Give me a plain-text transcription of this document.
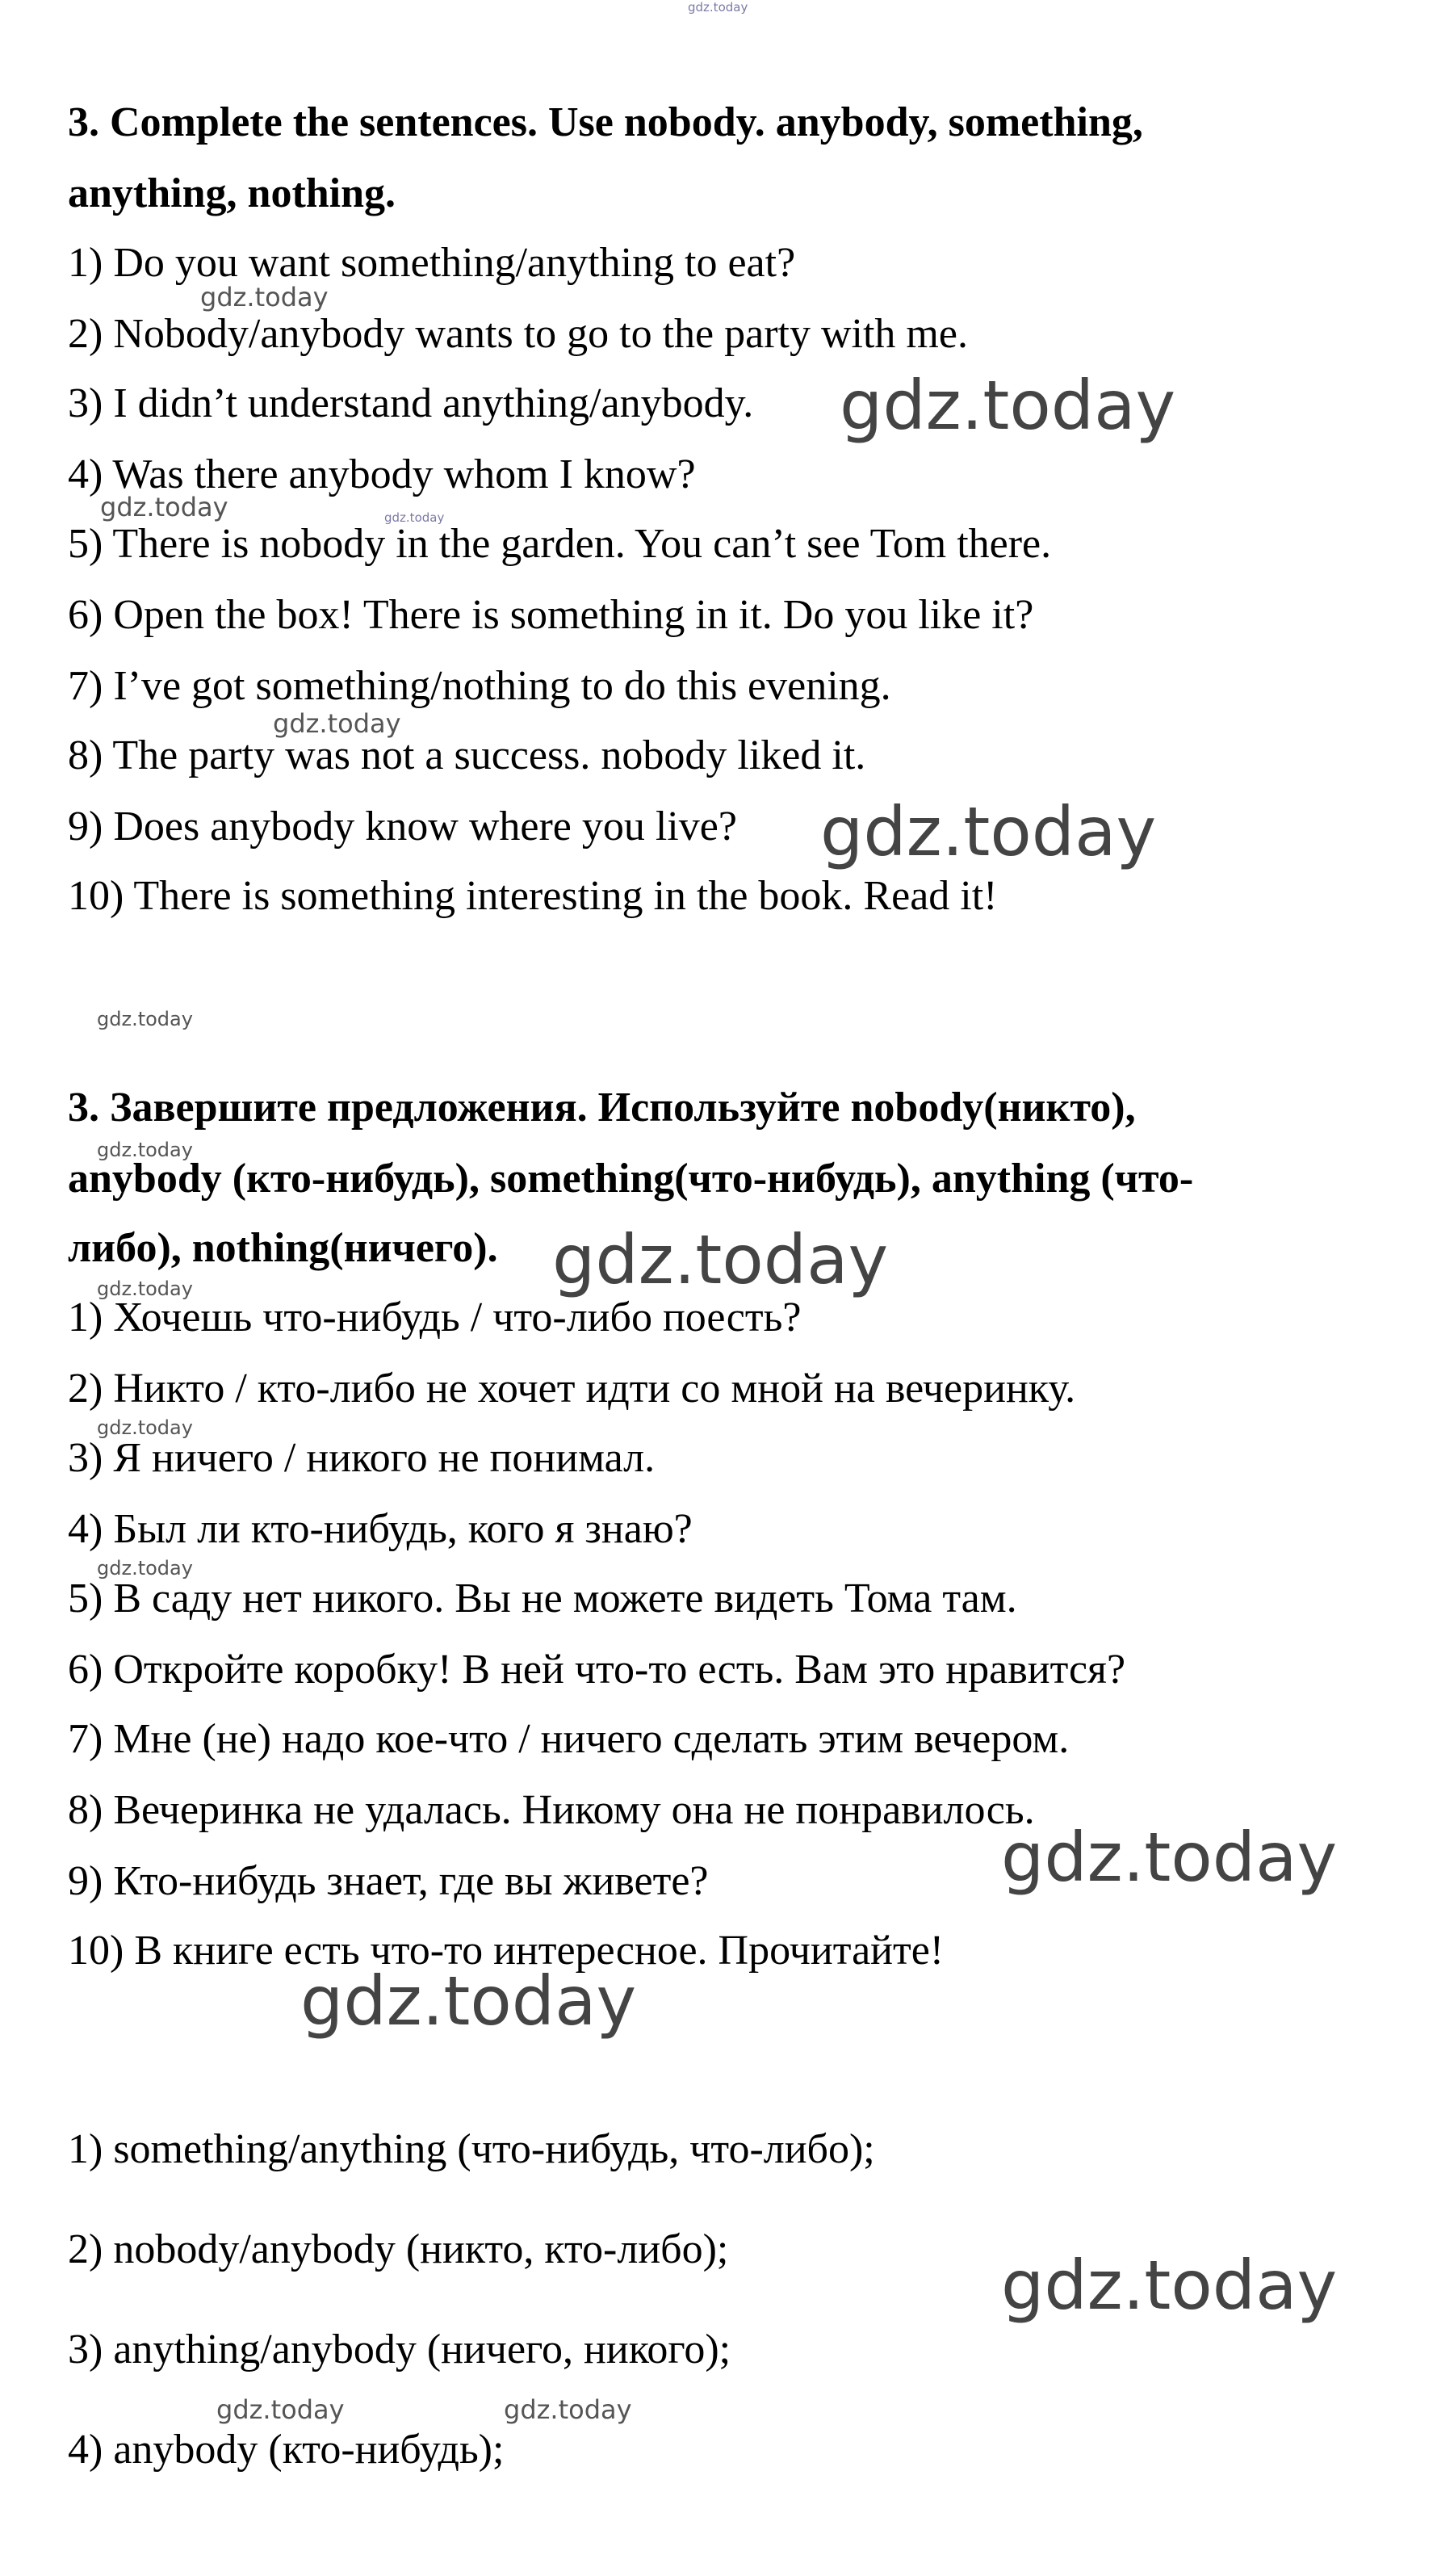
gdz.today
3. Complete the sentences. Use nobody. anybody, something,
anything, nothing.
1) Do you want something/anything to eat?
2) Nobody/anybody wants to go to the party with me.
3) I didn’t understand anything/anybody.
4) Was there anybody whom I know?
5) There is nobody in the garden. You can’t see Tom there.
6) Open the box! There is something in it. Do you like it?
7) I’ve got something/nothing to do this evening.
8) The party was not a success. nobody liked it.
9) Does anybody know where you live?
10) There is something interesting in the book. Read it!
gdz.today
gdz.today
gdz.today	gdz.today
gdz.today
gdz.today
gdz.today
3. Завершите предложения. Используйте nobody(никто),
anybody (кто-нибудь), something(что-нибудь), anything (что-
либо), nothing(ничего).
1) Хочешь что-нибудь / что-либо поесть?
2) Никто / кто-либо не хочет идти со мной на вечеринку.
3) Я ничего / никого не понимал.
4) Был ли кто-нибудь, кого я знаю?
5) В саду нет никого. Вы не можете видеть Тома там.
6) Откройте коробку! В ней что-то есть. Вам это нравится?
7) Мне (не) надо кое-что / ничего сделать этим вечером.
8) Вечеринка не удалась. Никому она не понравилось.
9) Кто-нибудь знает, где вы живете?
10) В книге есть что-то интересное. Прочитайте!
gdz.today
gdz.today
gdz.today
gdz.today
gdz.today
gdz.today
gdz.today
1) something/anything (что-нибудь, что-либо);
2) nobody/anybody (никто, кто-либо);
3) anything/anybody (ничего, никого);
4) anybody (кто-нибудь);
gdz.today
gdz.today	gdz.today
